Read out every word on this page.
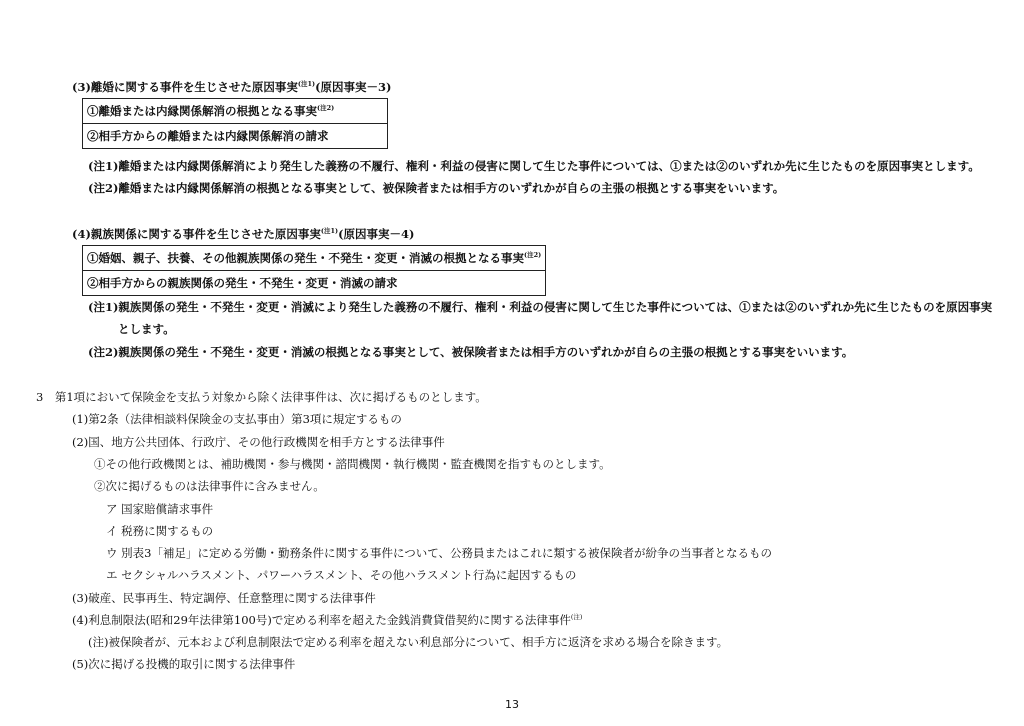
(3)離婚に関する事件を生じさせた原因事実$^{(注1)}$(原因事実－3)
①離婚または内縁関係解消の根拠となる事実$^{(注2)}$
②相手方からの離婚または内縁関係解消の請求
(注1)離婚または内縁関係解消により発生した義務の不履行、権利・利益の侵害に関して生じた事件については、①または②のいずれか先に生じたものを原因事実とします。
(注2)離婚または内縁関係解消の根拠となる事実として、被保険者または相手方のいずれかが自らの主張の根拠とする事実をいいます。
(4)親族関係に関する事件を生じさせた原因事実$^{(注1)}$(原因事実－4)
①婚姻、親子、扶養、その他親族関係の発生・不発生・変更・消滅の根拠となる事実$^{(注2)}$
②相手方からの親族関係の発生・不発生・変更・消滅の請求
(注1)親族関係の発生・不発生・変更・消滅により発生した義務の不履行、権利・利益の侵害に関して生じた事件については、①または②のいずれか先に生じたものを原因事実
とします。
(注2)親族関係の発生・不発生・変更・消滅の根拠となる事実として、被保険者または相手方のいずれかが自らの主張の根拠とする事実をいいます。
3　第1項において保険金を支払う対象から除く法律事件は、次に掲げるものとします。
(1)第2条（法律相談料保険金の支払事由）第3項に規定するもの
(2)国、地方公共団体、行政庁、その他行政機関を相手方とする法律事件
①その他行政機関とは、補助機関・参与機関・諮問機関・執行機関・監査機関を指すものとします。
②次に掲げるものは法律事件に含みません。
ア 国家賠償請求事件
イ 税務に関するもの
ウ 別表3「補足」に定める労働・勤務条件に関する事件について、公務員またはこれに類する被保険者が紛争の当事者となるもの
エ セクシャルハラスメント、パワーハラスメント、その他ハラスメント行為に起因するもの
(3)破産、民事再生、特定調停、任意整理に関する法律事件
(4)利息制限法(昭和29年法律第100号)で定める利率を超えた金銭消費貸借契約に関する法律事件$^{(注)}$
(注)被保険者が、元本および利息制限法で定める利率を超えない利息部分について、相手方に返済を求める場合を除きます。
(5)次に掲げる投機的取引に関する法律事件
13
